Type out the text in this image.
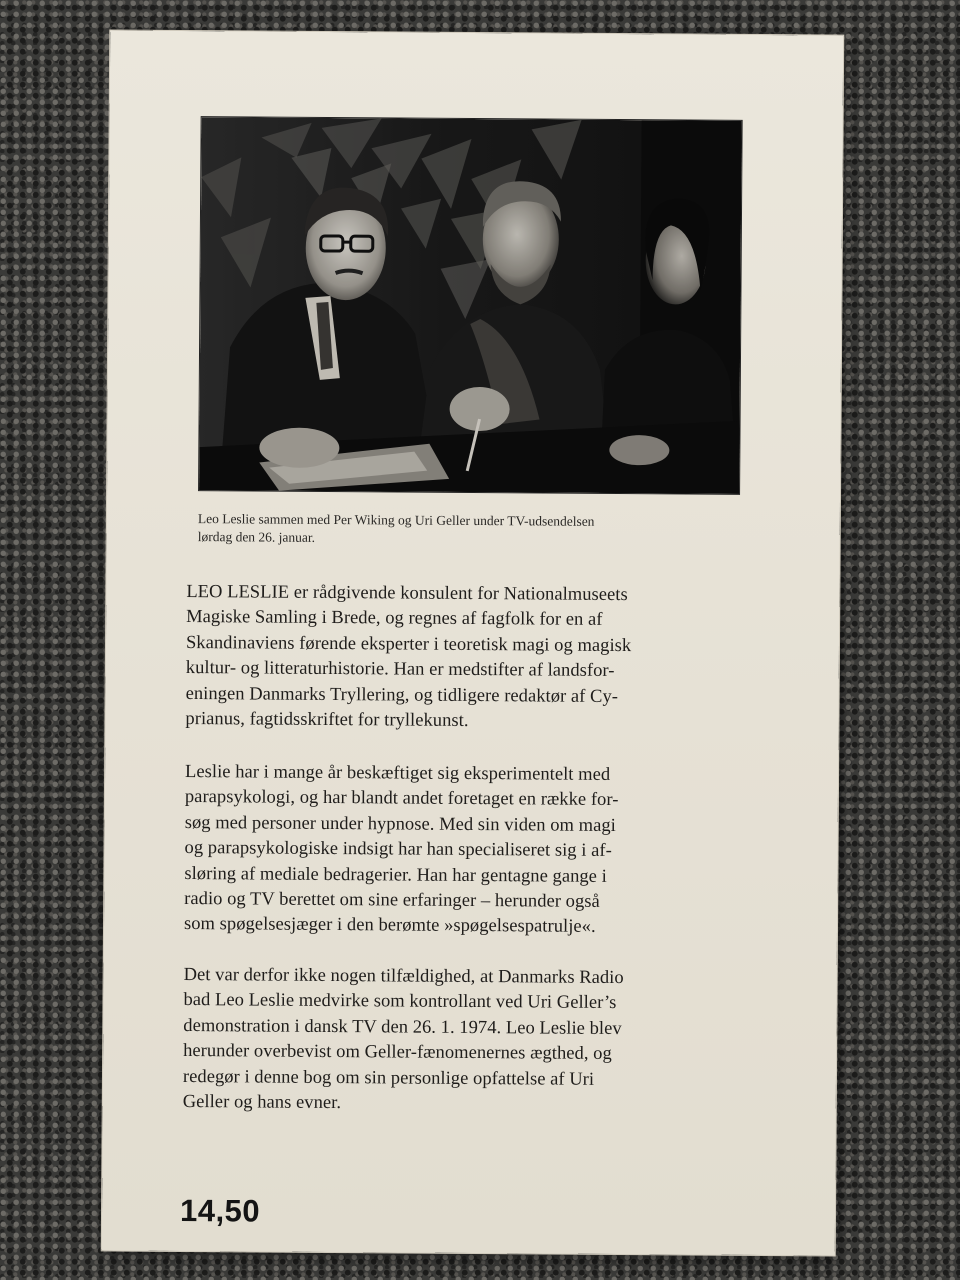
Leo Leslie sammen med Per Wiking og Uri Geller under TV-udsendelsen
lørdag den 26. januar.
LEO LESLIE er rådgivende konsulent for Nationalmuseets
Magiske Samling i Brede, og regnes af fagfolk for en af
Skandinaviens førende eksperter i teoretisk magi og magisk
kultur- og litteraturhistorie. Han er medstifter af landsfor-
eningen Danmarks Tryllering, og tidligere redaktør af Cy-
prianus, fagtidsskriftet for tryllekunst.
Leslie har i mange år beskæftiget sig eksperimentelt med
parapsykologi, og har blandt andet foretaget en række for-
søg med personer under hypnose. Med sin viden om magi
og parapsykologiske indsigt har han specialiseret sig i af-
sløring af mediale bedragerier. Han har gentagne gange i
radio og TV berettet om sine erfaringer – herunder også
som spøgelsesjæger i den berømte »spøgelsespatrulje«.
Det var derfor ikke nogen tilfældighed, at Danmarks Radio
bad Leo Leslie medvirke som kontrollant ved Uri Geller’s
demonstration i dansk TV den 26. 1. 1974. Leo Leslie blev
herunder overbevist om Geller-fænomenernes ægthed, og
redegør i denne bog om sin personlige opfattelse af Uri
Geller og hans evner.
14,50
